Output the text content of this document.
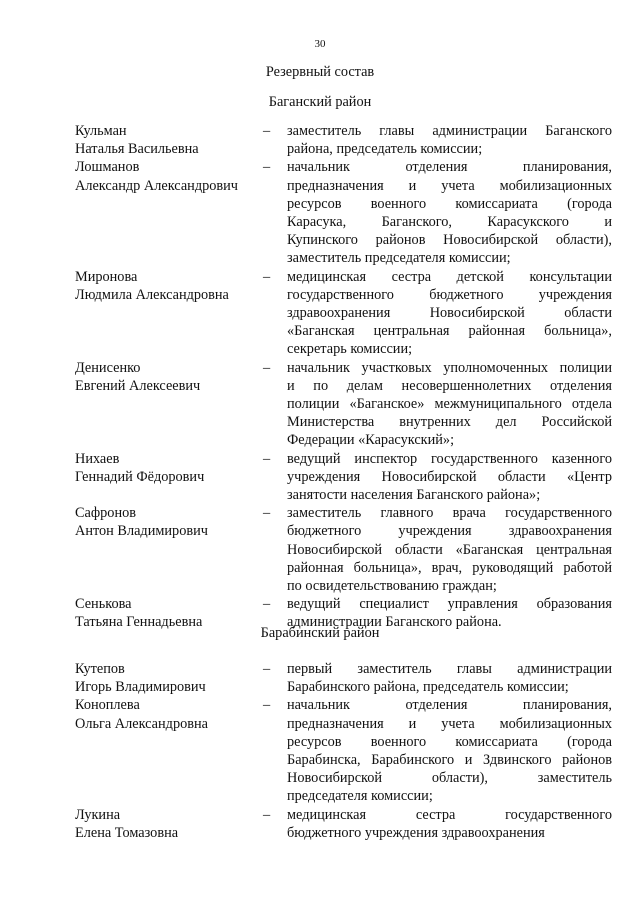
30
Резервный состав
Баганский район
Кульман
Наталья Васильевна
– заместитель главы администрации Баганского
района, председатель комиссии;
Лошманов
Александр Александрович
– начальник отделения планирования,
предназначения и учета мобилизационных
ресурсов военного комиссариата (города
Карасука, Баганского, Карасукского и
Купинского районов Новосибирской области),
заместитель председателя комиссии;
Миронова
Людмила Александровна
– медицинская сестра детской консультации
государственного бюджетного учреждения
здравоохранения Новосибирской области
«Баганская центральная районная больница»,
секретарь комиссии;
Денисенко
Евгений Алексеевич
– начальник участковых уполномоченных полиции
и по делам несовершеннолетних отделения
полиции «Баганское» межмуниципального отдела
Министерства внутренних дел Российской
Федерации «Карасукский»;
Нихаев
Геннадий Фёдорович
– ведущий инспектор государственного казенного
учреждения Новосибирской области «Центр
занятости населения Баганского района»;
Сафронов
Антон Владимирович
– заместитель главного врача государственного
бюджетного учреждения здравоохранения
Новосибирской области «Баганская центральная
районная больница», врач, руководящий работой
по освидетельствованию граждан;
Сенькова
Татьяна Геннадьевна
– ведущий специалист управления образования
администрации Баганского района.
Барабинский район
Кутепов
Игорь Владимирович
– первый заместитель главы администрации
Барабинского района, председатель комиссии;
Коноплева
Ольга Александровна
– начальник отделения планирования,
предназначения и учета мобилизационных
ресурсов военного комиссариата (города
Барабинска, Барабинского и Здвинского районов
Новосибирской области), заместитель
председателя комиссии;
Лукина
Елена Томазовна
– медицинская сестра государственного
бюджетного учреждения здравоохранения
